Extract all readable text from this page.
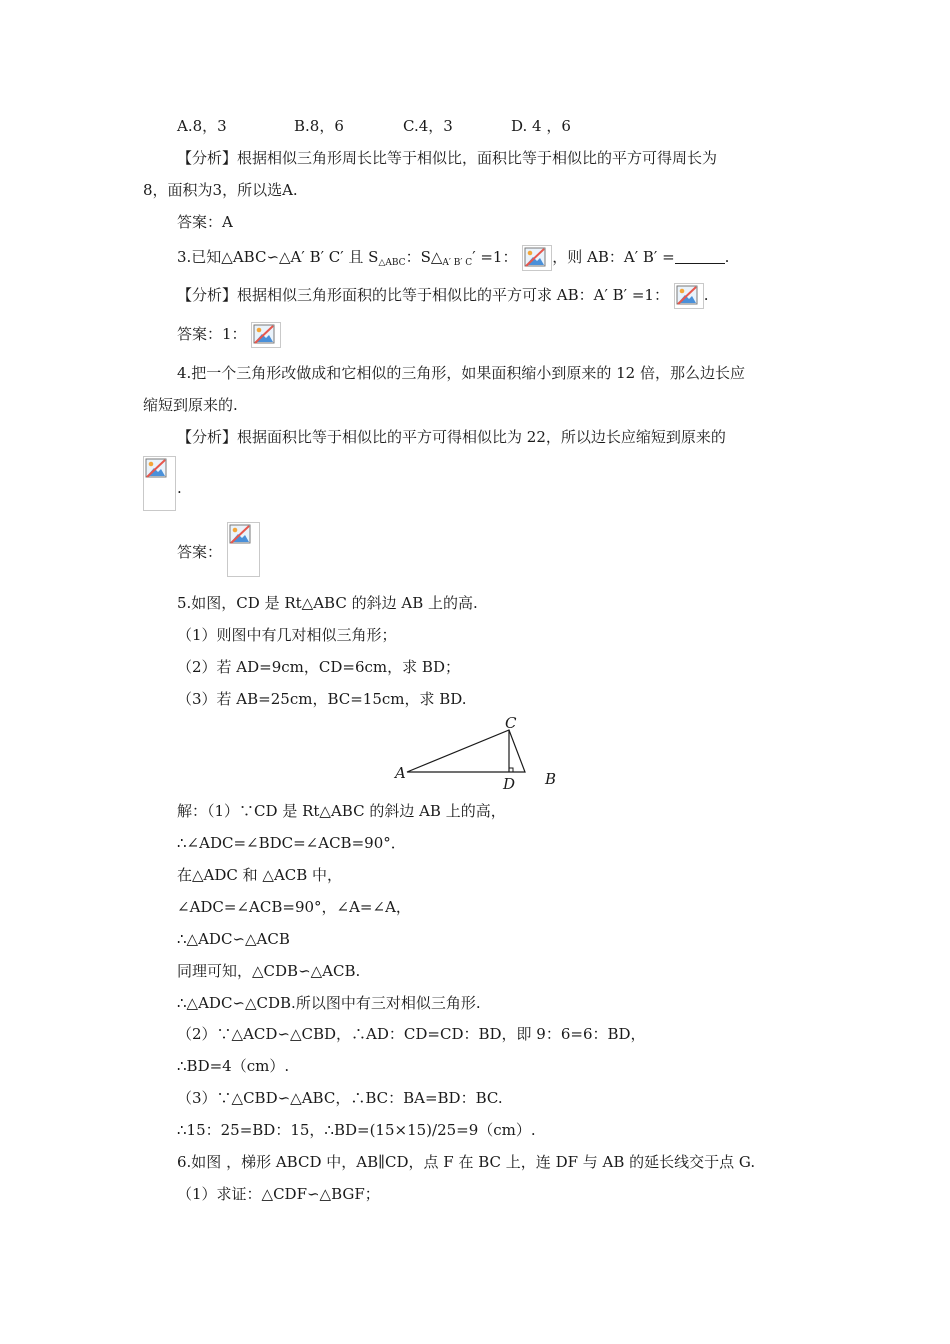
A.8，3	B.8，6	C.4，3	D. 4 ，6
【分析】根据相似三角形周长比等于相似比，面积比等于相似比的平方可得周长为
8，面积为3，所以选A.
答案：A
3.已知△ABC∽△A′ B′ C′ 且 $S_{\triangle ABC}$：$S\triangle_{A' B' C}' =1$： ，则 AB：A′ B′ =	.
【分析】根据相似三角形面积的比等于相似比的平方可求 AB：A′ B′ =1： .
答案：1：
4.把一个三角形改做成和它相似的三角形，如果面积缩小到原来的 12 倍，那么边长应
缩短到原来的.
【分析】根据面积比等于相似比的平方可得相似比为 22，所以边长应缩短到原来的
.
答案：
5.如图，CD 是 Rt△ABC 的斜边 AB 上的高.
（1）则图中有几对相似三角形；
（2）若 AD=9cm，CD=6cm，求 BD；
（3）若 AB=25cm，BC=15cm，求 BD.
A	B
C
D
解：（1）∵CD 是 Rt△ABC 的斜边 AB 上的高，
∴∠ADC=∠BDC=∠ACB=90°．
在△ADC 和 △ACB 中，
∠ADC=∠ACB=90°，∠A=∠A，
∴△ADC∽△ACB
同理可知，△CDB∽△ACB.
∴△ADC∽△CDB.所以图中有三对相似三角形.
（2）∵△ACD∽△CBD，∴AD：CD=CD：BD，即 9：6=6：BD，
∴BD=4（cm）.
（3）∵△CBD∽△ABC，∴BC：BA=BD：BC.
∴15：25=BD：15，∴BD=(15×15)/25=9（cm）.
6.如图 ，梯形 ABCD 中，AB∥CD，点 F 在 BC 上，连 DF 与 AB 的延长线交于点 G.
（1）求证：△CDF∽△BGF；
